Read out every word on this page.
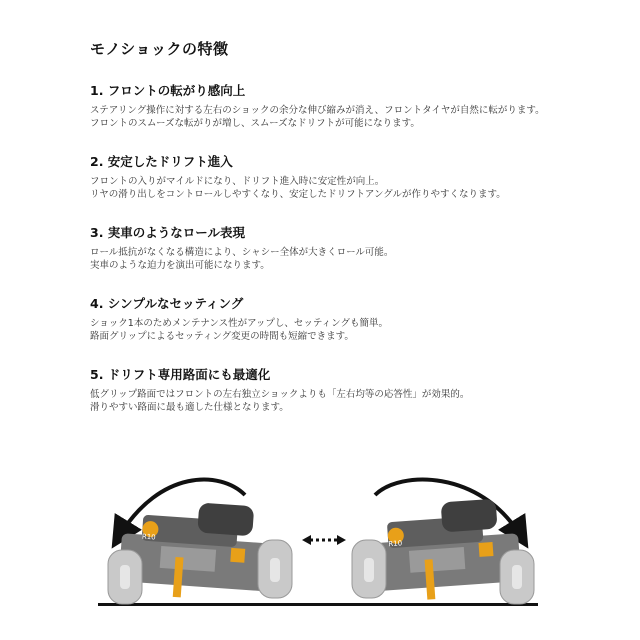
モノショックの特徴
1. フロントの転がり感向上

ステアリング操作に対する左右のショックの余分な伸び縮みが消え、フロントタイヤが自然に転がります。

フロントのスムーズな転がりが増し、スムーズなドリフトが可能になります。

2. 安定したドリフト進入

フロントの入りがマイルドになり、ドリフト進入時に安定性が向上。

リヤの滑り出しをコントロールしやすくなり、安定したドリフトアングルが作りやすくなります。

3. 実車のようなロール表現

ロール抵抗がなくなる構造により、シャシー全体が大きくロール可能。

実車のような迫力を演出可能になります。

4. シンプルなセッティング

ショック1本のためメンテナンス性がアップし、セッティングも簡単。

路面グリップによるセッティング変更の時間も短縮できます。

5. ドリフト専用路面にも最適化

低グリップ路面ではフロントの左右独立ショックよりも「左右均等の応答性」が効果的。

滑りやすい路面に最も適した仕様となります。

R10
R10
